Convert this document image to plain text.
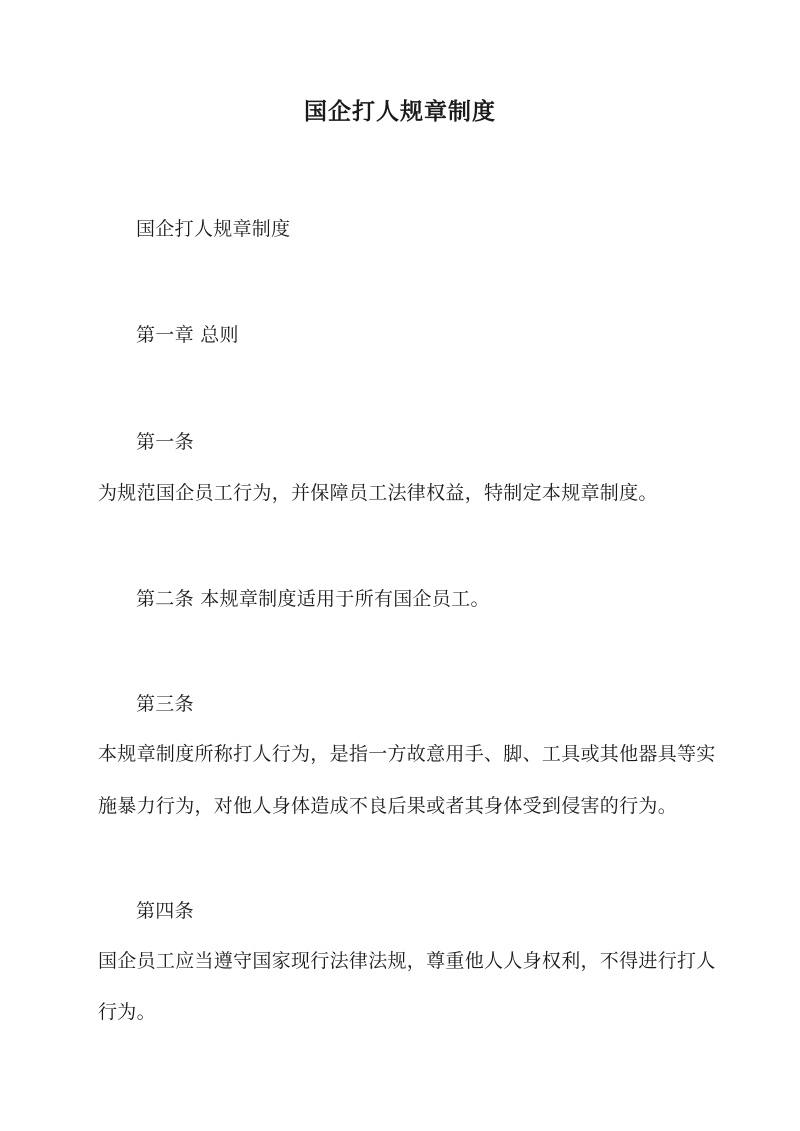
国企打人规章制度
国企打人规章制度
第一章 总则
第一条
为规范国企员工行为，并保障员工法律权益，特制定本规章制度。
第二条 本规章制度适用于所有国企员工。
第三条
本规章制度所称打人行为，是指一方故意用手、脚、工具或其他器具等实
施暴力行为，对他人身体造成不良后果或者其身体受到侵害的行为。
第四条
国企员工应当遵守国家现行法律法规，尊重他人人身权利，不得进行打人
行为。
